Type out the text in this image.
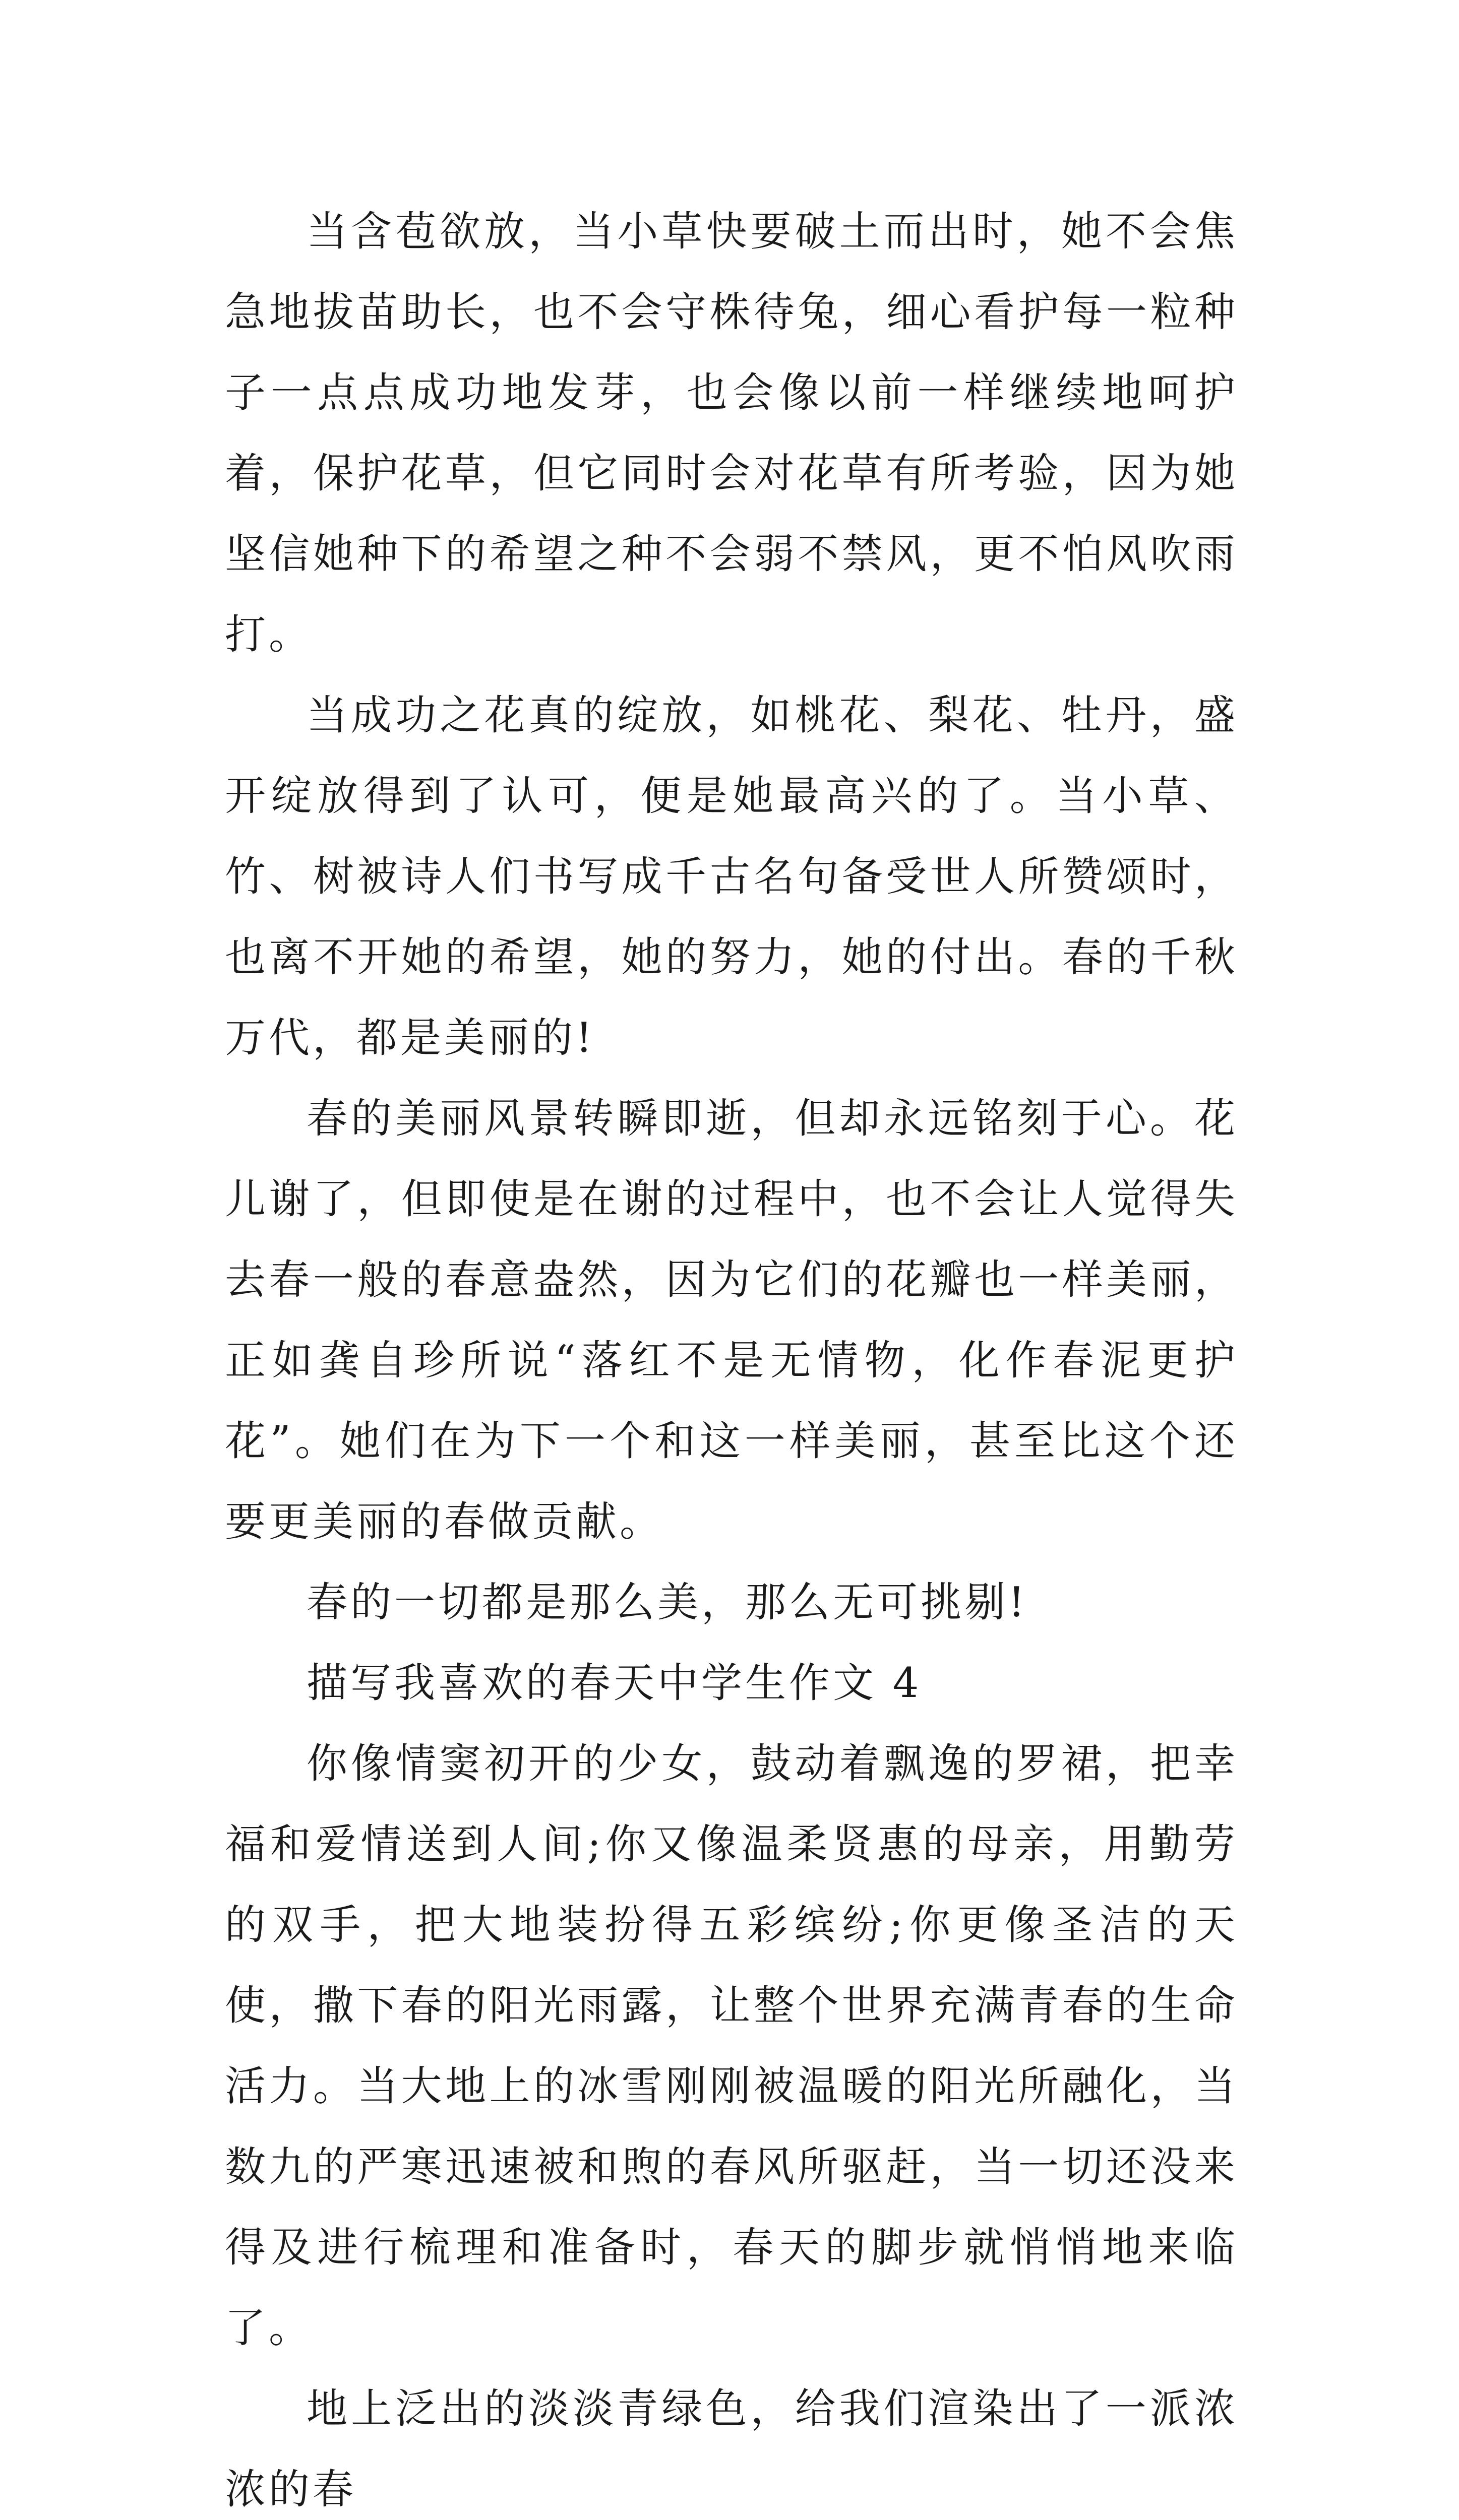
当含苞欲放，当小草快要破土而出时，她不会焦急地拔苗助长，也不会守株待兔，细心看护每一粒种子一点点成功地发芽，也会像以前一样继续地呵护着，保护花草，但它同时会对花草有所考验，因为她坚信她种下的希望之种不会弱不禁风，更不怕风吹雨打。

当成功之花真的绽放，如桃花、梨花、牡丹，盛开绽放得到了认可，便是她最高兴的了。当小草、竹、树被诗人们书写成千古名句备受世人所赞颂时，也离不开她的希望，她的努力，她的付出。春的千秋万代，都是美丽的!

春的美丽风景转瞬即逝，但却永远铭刻于心。花儿谢了，但即使是在谢的过程中，也不会让人觉得失去春一般的春意盎然，因为它们的花瓣也一样美丽，正如龚自珍所说“落红不是无情物，化作春泥更护花”。她们在为下一个和这一样美丽，甚至比这个还要更美丽的春做贡献。

春的一切都是那么美，那么无可挑剔!

描写我喜欢的春天中学生作文 4

你像情窦初开的少女，鼓动着飘逸的罗裙，把幸福和爱情送到人间;你又像温柔贤惠的母亲，用勤劳的双手，把大地装扮得五彩缤纷;你更像圣洁的天使，撒下春的阳光雨露，让整个世界充满青春的生命活力。当大地上的冰雪刚刚被温暖的阳光所融化，当数九的严寒迅速被和煦的春风所驱赶，当一切还没来得及进行梳理和准备时，春天的脚步就悄悄地来临了。

地上泛出的淡淡青绿色，给我们渲染出了一派浓浓的春
